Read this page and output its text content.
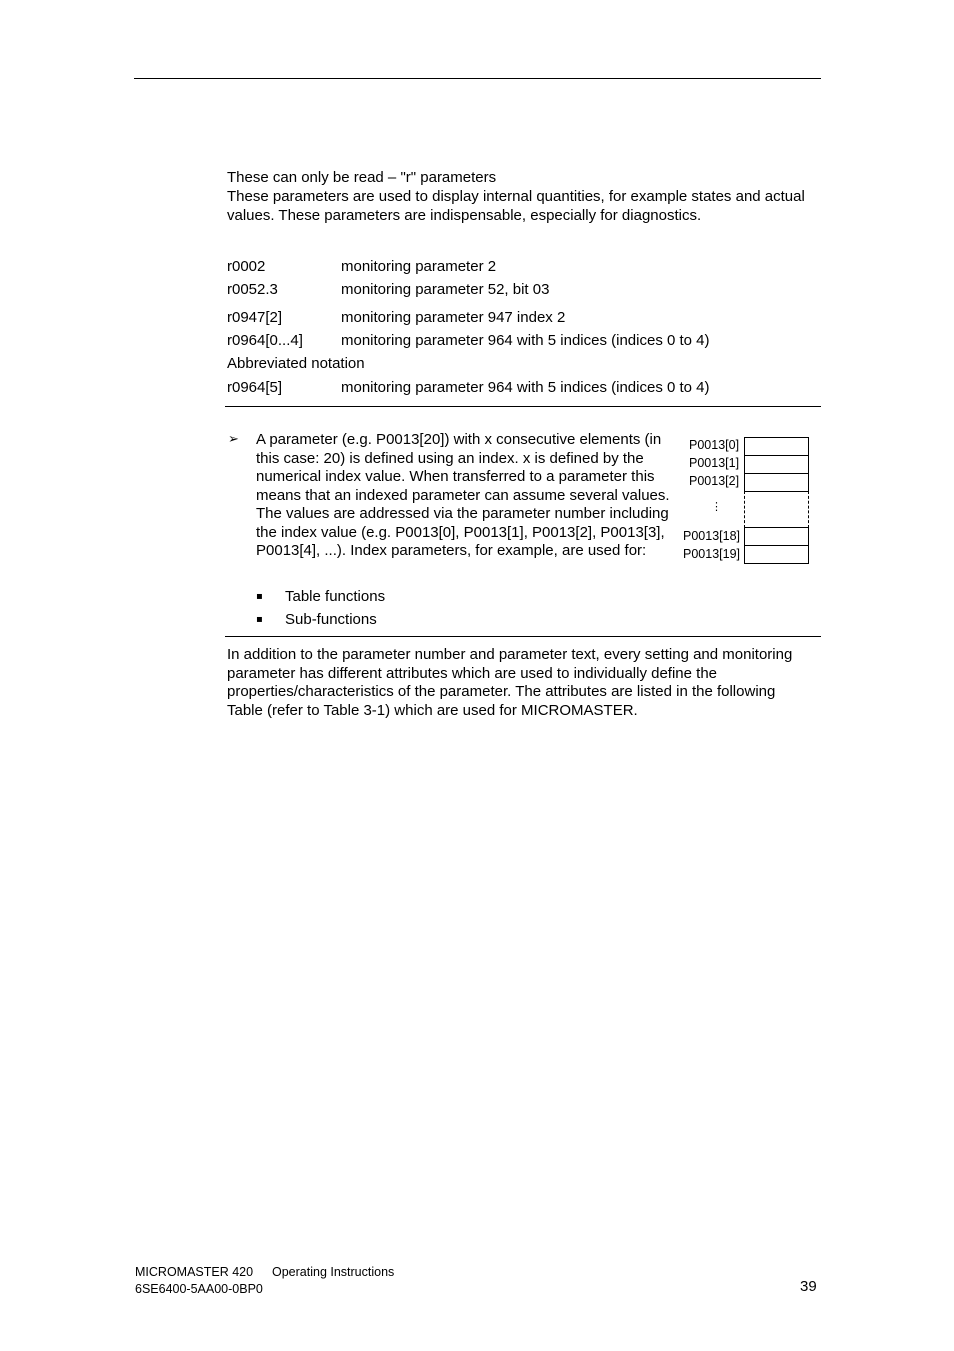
These can only be read – "r" parameters
These parameters are used to display internal quantities, for example states and actual values. These parameters are indispensable, especially for diagnostics.
r0002	monitoring parameter 2
r0052.3	monitoring parameter 52, bit 03
r0947[2]	monitoring parameter 947 index 2
r0964[0...4]	monitoring parameter 964 with 5 indices (indices 0 to 4)
Abbreviated notation
r0964[5]	monitoring parameter 964 with 5 indices (indices 0 to 4)
➢ A parameter (e.g. P0013[20]) with x consecutive elements (in this case: 20) is defined using an index. x is defined by the numerical index value. When transferred to a parameter this means that an indexed parameter can assume several values. The values are addressed via the parameter number including the index value (e.g. P0013[0], P0013[1], P0013[2], P0013[3], P0013[4], ...). Index parameters, for example, are used for:
▪ Table functions
▪ Sub-functions
P0013[0]
P0013[1]
P0013[2]
⋮
P0013[18]
P0013[19]
In addition to the parameter number and parameter text, every setting and monitoring parameter has different attributes which are used to individually define the properties/characteristics of the parameter. The attributes are listed in the following Table (refer to Table 3-1) which are used for MICROMASTER.
MICROMASTER 420 Operating Instructions
6SE6400-5AA00-0BP0	39
